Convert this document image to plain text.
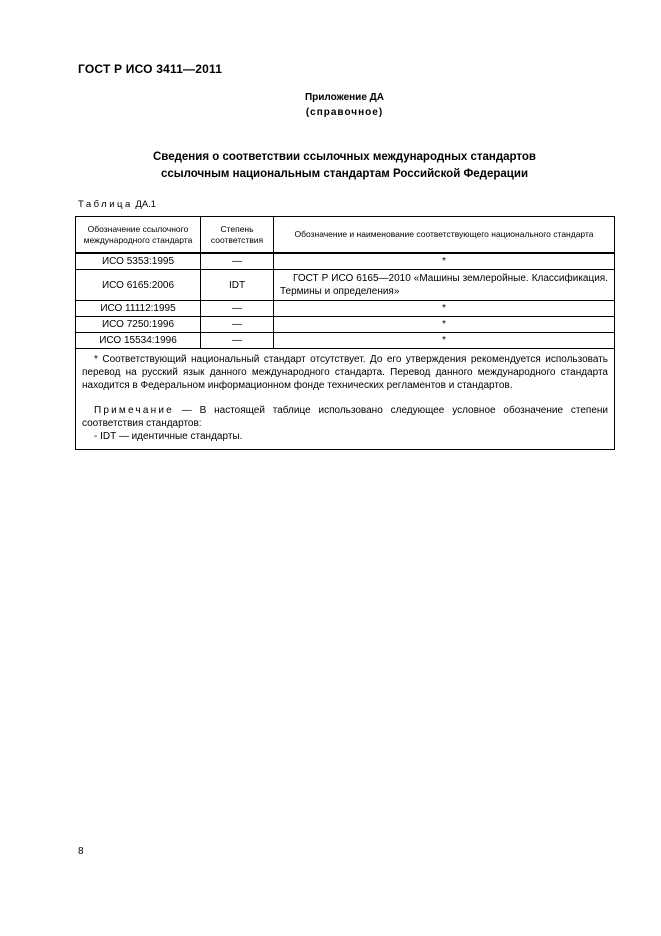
ГОСТ Р ИСО 3411—2011
Приложение ДА
(справочное)
Сведения о соответствии ссылочных международных стандартов
ссылочным национальным стандартам Российской Федерации
Таблица ДА.1
Обозначение ссылочного международного стандарта	Степень соответствия	Обозначение и наименование соответствующего национального стандарта
ИСО 5353:1995	—	*
ИСО 6165:2006	IDT	ГОСТ Р ИСО 6165—2010 «Машины землеройные. Классификация. Термины и определения»
ИСО 11112:1995	—	*
ИСО 7250:1996	—	*
ИСО 15534:1996	—	*

* Соответствующий национальный стандарт отсутствует. До его утверждения рекомендуется использовать перевод на русский язык данного международного стандарта. Перевод данного международного стандарта находится в Федеральном информационном фонде технических регламентов и стандартов.

Примечание — В настоящей таблице использовано следующее условное обозначение степени соответствия стандартов:

- IDT — идентичные стандарты.		

8
